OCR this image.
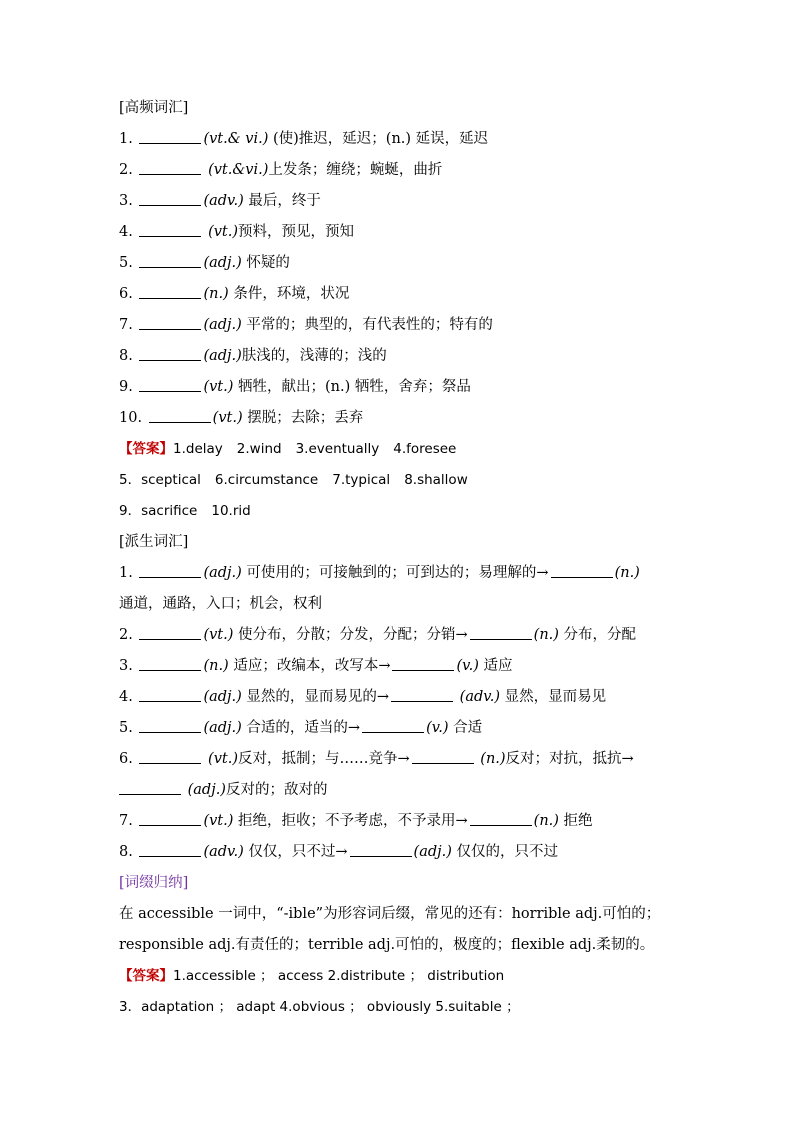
[高频词汇]
1.	(vt.& vi.) (使)推迟，延迟；(n.) 延误，延迟
2.	(vt.&vi.)上发条；缠绕；蜿蜒，曲折
3.	(adv.) 最后，终于
4.	(vt.)预料，预见，预知
5.	(adj.) 怀疑的
6.	(n.) 条件，环境，状况
7.	(adj.) 平常的；典型的，有代表性的；特有的
8.	(adj.)肤浅的，浅薄的；浅的
9.	(vt.) 牺牲，献出；(n.) 牺牲，舍弃；祭品
10.	(vt.) 摆脱；去除；丢弃
【答案】1.delay 2.wind 3.eventually 4.foresee
5．sceptical 6.circumstance 7.typical 8.shallow
9．sacrifice 10.rid
[派生词汇]
1.	(adj.) 可使用的；可接触到的；可到达的；易理解的→	(n.)
通道，通路，入口；机会，权利
2.	(vt.) 使分布，分散；分发，分配；分销→	(n.) 分布，分配
3.	(n.) 适应；改编本，改写本→	(v.) 适应
4.	(adj.) 显然的，显而易见的→	(adv.) 显然，显而易见
5.	(adj.) 合适的，适当的→	(v.) 合适
6.	(vt.)反对，抵制；与……竞争→	(n.)反对；对抗，抵抗→
(adj.)反对的；敌对的
7.	(vt.) 拒绝，拒收；不予考虑，不予录用→	(n.) 拒绝
8.	(adv.) 仅仅，只不过→	(adj.) 仅仅的，只不过
[词缀归纳]
在 accessible 一词中，“-ible”为形容词后缀，常见的还有：horrible adj.可怕的；
responsible adj.有责任的；terrible adj.可怕的，极度的；flexible adj.柔韧的。
【答案】1.accessible ； access 2.distribute ； distribution
3．adaptation ； adapt 4.obvious ； obviously 5.suitable ；
